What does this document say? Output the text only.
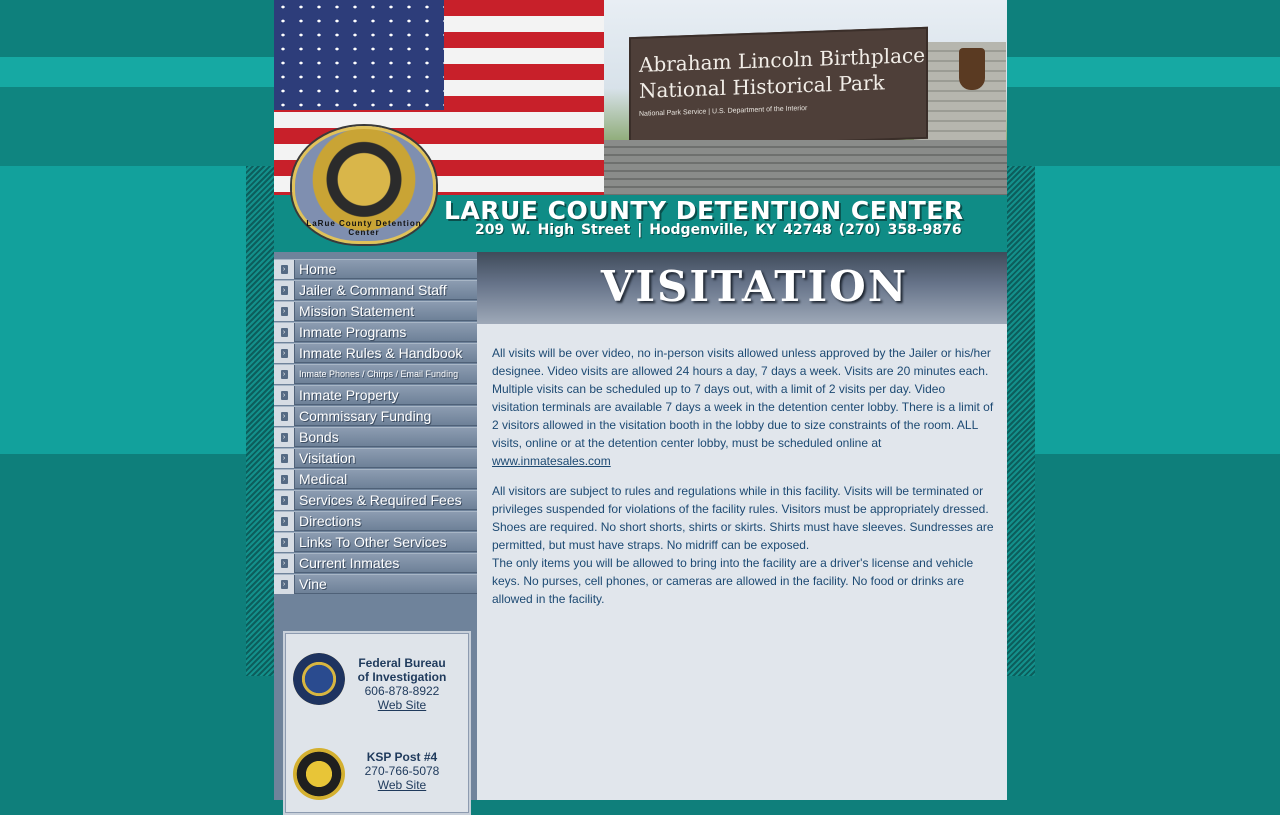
Abraham Lincoln Birthplace
National Historical Park
National Park Service | U.S. Department of the Interior
LaRue County Detention Center
LARUE COUNTY DETENTION CENTER
209 W. High Street | Hodgenville, KY 42748 (270) 358-9876
› Home
› Jailer & Command Staff
› Mission Statement
› Inmate Programs
› Inmate Rules & Handbook
› Inmate Phones / Chirps / Email Funding
› Inmate Property
› Commissary Funding
› Bonds
› Visitation
› Medical
› Services & Required Fees
› Directions
› Links To Other Services
› Current Inmates
› Vine
Federal Bureau
of Investigation
606-878-8922
Web Site
KSP Post #4
270-766-5078
Web Site
VISITATION

All visits will be over video, no in-person visits allowed unless approved by the Jailer or his/her designee. Video visits are allowed 24 hours a day, 7 days a week. Visits are 20 minutes each. Multiple visits can be scheduled up to 7 days out, with a limit of 2 visits per day. Video visitation terminals are available 7 days a week in the detention center lobby. There is a limit of 2 visitors allowed in the visitation booth in the lobby due to size constraints of the room. ALL visits, online or at the detention center lobby, must be scheduled online at
www.inmatesales.com

All visitors are subject to rules and regulations while in this facility. Visits will be terminated or privileges suspended for violations of the facility rules. Visitors must be appropriately dressed. Shoes are required. No short shorts, shirts or skirts. Shirts must have sleeves. Sundresses are permitted, but must have straps. No midriff can be exposed.

The only items you will be allowed to bring into the facility are a driver's license and vehicle keys. No purses, cell phones, or cameras are allowed in the facility. No food or drinks are allowed in the facility.
